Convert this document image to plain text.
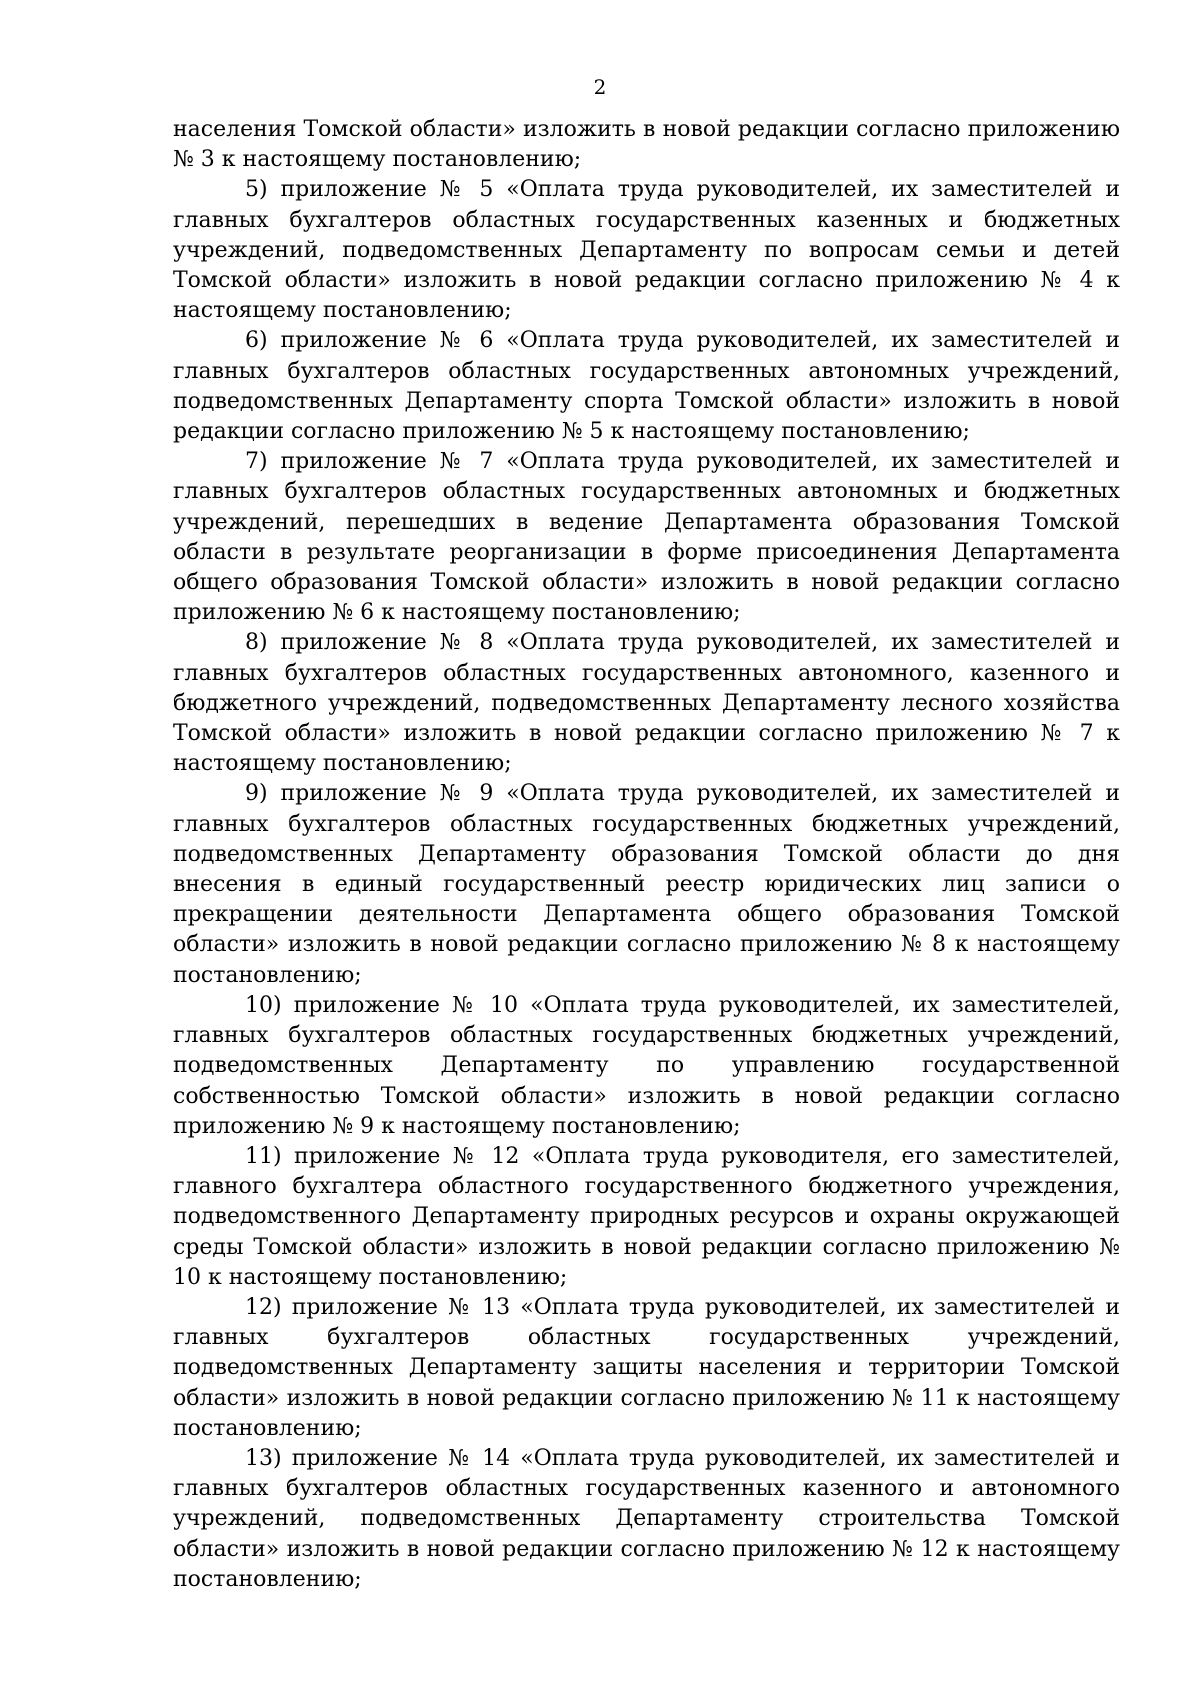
2

населения Томской области» изложить в новой редакции согласно приложению № 3 к настоящему постановлению;

5) приложение № 5 «Оплата труда руководителей, их заместителей и главных бухгалтеров областных государственных казенных и бюджетных учреждений, подведомственных Департаменту по вопросам семьи и детей Томской области» изложить в новой редакции согласно приложению № 4 к настоящему постановлению;

6) приложение № 6 «Оплата труда руководителей, их заместителей и главных бухгалтеров областных государственных автономных учреждений, подведомственных Департаменту спорта Томской области» изложить в новой редакции согласно приложению № 5 к настоящему постановлению;

7) приложение № 7 «Оплата труда руководителей, их заместителей и главных бухгалтеров областных государственных автономных и бюджетных учреждений, перешедших в ведение Департамента образования Томской области в результате реорганизации в форме присоединения Департамента общего образования Томской области» изложить в новой редакции согласно приложению № 6 к настоящему постановлению;

8) приложение № 8 «Оплата труда руководителей, их заместителей и главных бухгалтеров областных государственных автономного, казенного и бюджетного учреждений, подведомственных Департаменту лесного хозяйства Томской области» изложить в новой редакции согласно приложению № 7 к настоящему постановлению;

9) приложение № 9 «Оплата труда руководителей, их заместителей и главных бухгалтеров областных государственных бюджетных учреждений, подведомственных Департаменту образования Томской области до дня внесения в единый государственный реестр юридических лиц записи о прекращении деятельности Департамента общего образования Томской области» изложить в новой редакции согласно приложению № 8 к настоящему постановлению;

10) приложение № 10 «Оплата труда руководителей, их заместителей, главных бухгалтеров областных государственных бюджетных учреждений, подведомственных Департаменту по управлению государственной собственностью Томской области» изложить в новой редакции согласно приложению № 9 к настоящему постановлению;

11) приложение № 12 «Оплата труда руководителя, его заместителей, главного бухгалтера областного государственного бюджетного учреждения, подведомственного Департаменту природных ресурсов и охраны окружающей среды Томской области» изложить в новой редакции согласно приложению № 10 к настоящему постановлению;

12) приложение № 13 «Оплата труда руководителей, их заместителей и главных бухгалтеров областных государственных учреждений, подведомственных Департаменту защиты населения и территории Томской области» изложить в новой редакции согласно приложению № 11 к настоящему постановлению;

13) приложение № 14 «Оплата труда руководителей, их заместителей и главных бухгалтеров областных государственных казенного и автономного учреждений, подведомственных Департаменту строительства Томской области» изложить в новой редакции согласно приложению № 12 к настоящему постановлению;
